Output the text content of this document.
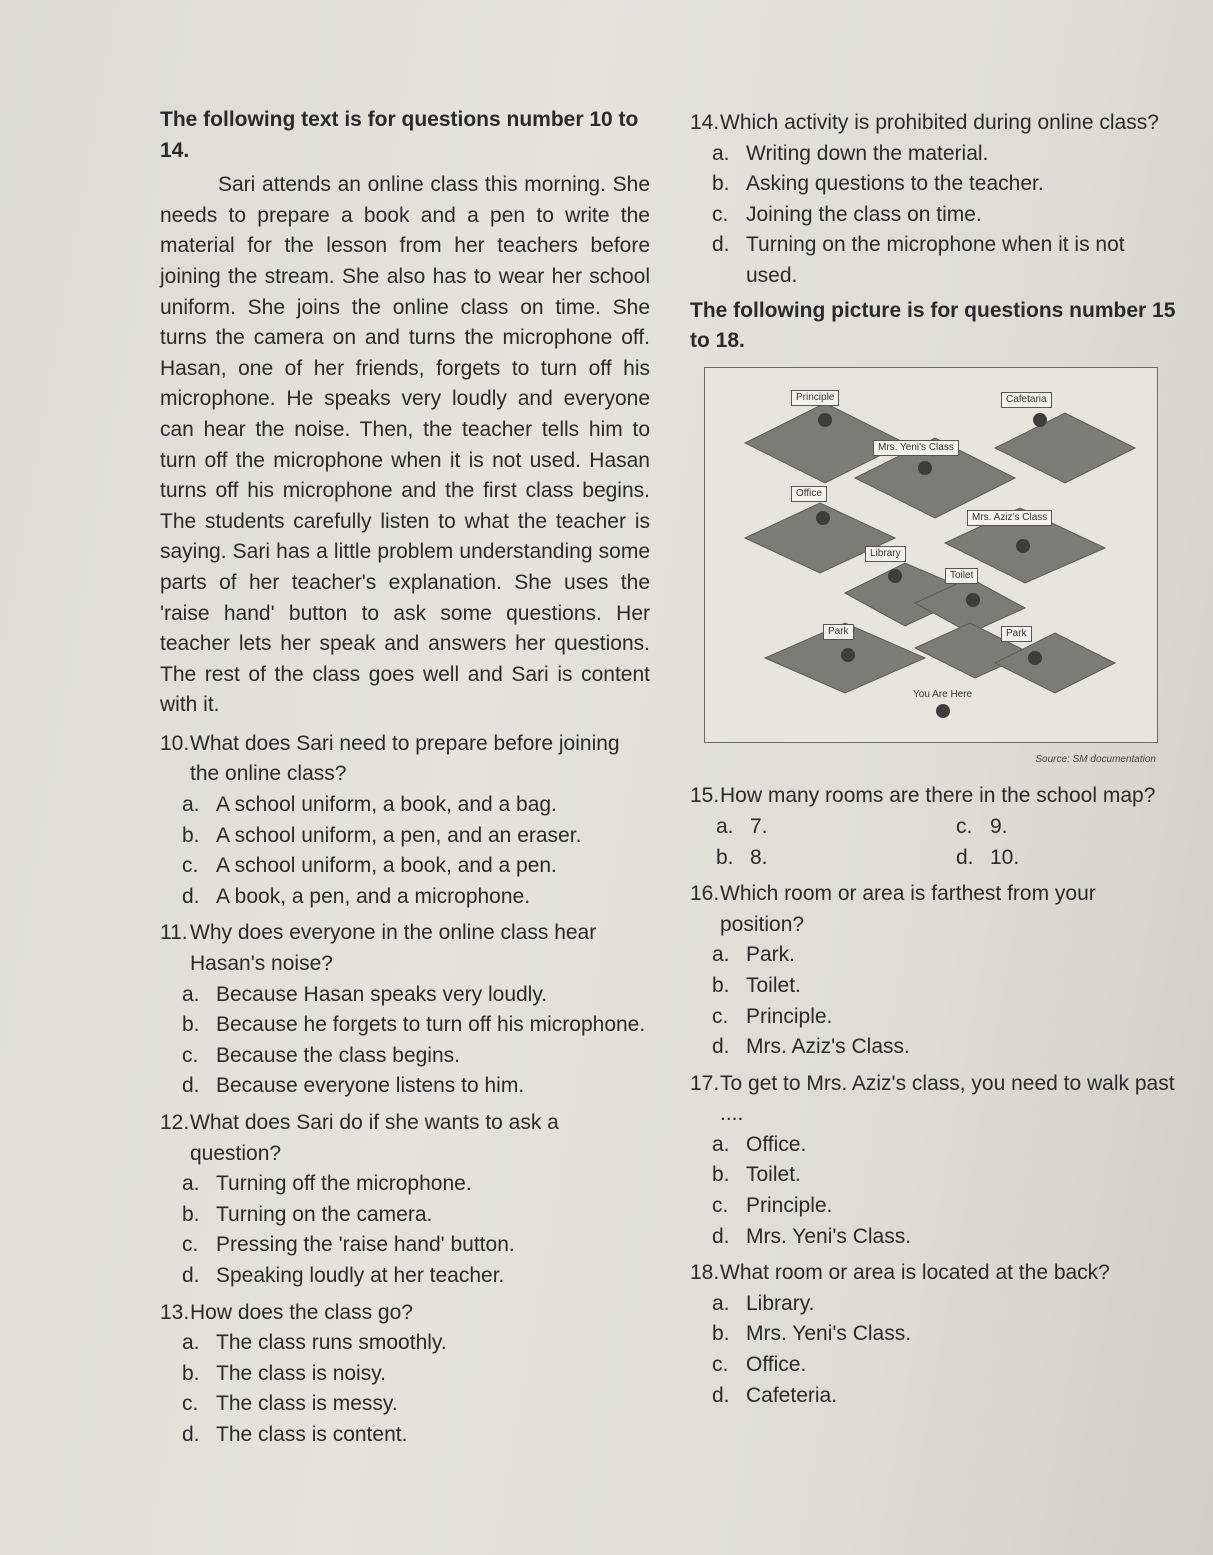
The following text is for questions number 10 to 14.

Sari attends an online class this morning. She needs to prepare a book and a pen to write the material for the lesson from her teachers before joining the stream. She also has to wear her school uniform. She joins the online class on time. She turns the camera on and turns the microphone off. Hasan, one of her friends, forgets to turn off his microphone. He speaks very loudly and everyone can hear the noise. Then, the teacher tells him to turn off the microphone when it is not used. Hasan turns off his microphone and the first class begins. The students carefully listen to what the teacher is saying. Sari has a little problem understanding some parts of her teacher's explanation. She uses the 'raise hand' button to ask some questions. Her teacher lets her speak and answers her questions. The rest of the class goes well and Sari is content with it.

10. What does Sari need to prepare before joining the online class?
a. A school uniform, a book, and a bag.
b. A school uniform, a pen, and an eraser.
c. A school uniform, a book, and a pen.
d. A book, a pen, and a microphone.
11. Why does everyone in the online class hear Hasan's noise?
a. Because Hasan speaks very loudly.
b. Because he forgets to turn off his microphone.
c. Because the class begins.
d. Because everyone listens to him.
12. What does Sari do if she wants to ask a question?
a. Turning off the microphone.
b. Turning on the camera.
c. Pressing the 'raise hand' button.
d. Speaking loudly at her teacher.
13. How does the class go?
a. The class runs smoothly.
b. The class is noisy.
c. The class is messy.
d. The class is content.
14. Which activity is prohibited during online class?
a. Writing down the material.
b. Asking questions to the teacher.
c. Joining the class on time.
d. Turning on the microphone when it is not used.
The following picture is for questions number 15 to 18.
Principle	Cafetaria
Mrs. Yeni's Class
Office
Mrs. Aziz's Class
Library
Toilet
Park	Park
You Are Here
Source: SM documentation
15. How many rooms are there in the school map?
a. 7.	c. 9.
b. 8.	d. 10.
16. Which room or area is farthest from your position?
a. Park.
b. Toilet.
c. Principle.
d. Mrs. Aziz's Class.
17. To get to Mrs. Aziz's class, you need to walk past ....
a. Office.
b. Toilet.
c. Principle.
d. Mrs. Yeni's Class.
18. What room or area is located at the back?
a. Library.
b. Mrs. Yeni's Class.
c. Office.
d. Cafeteria.
